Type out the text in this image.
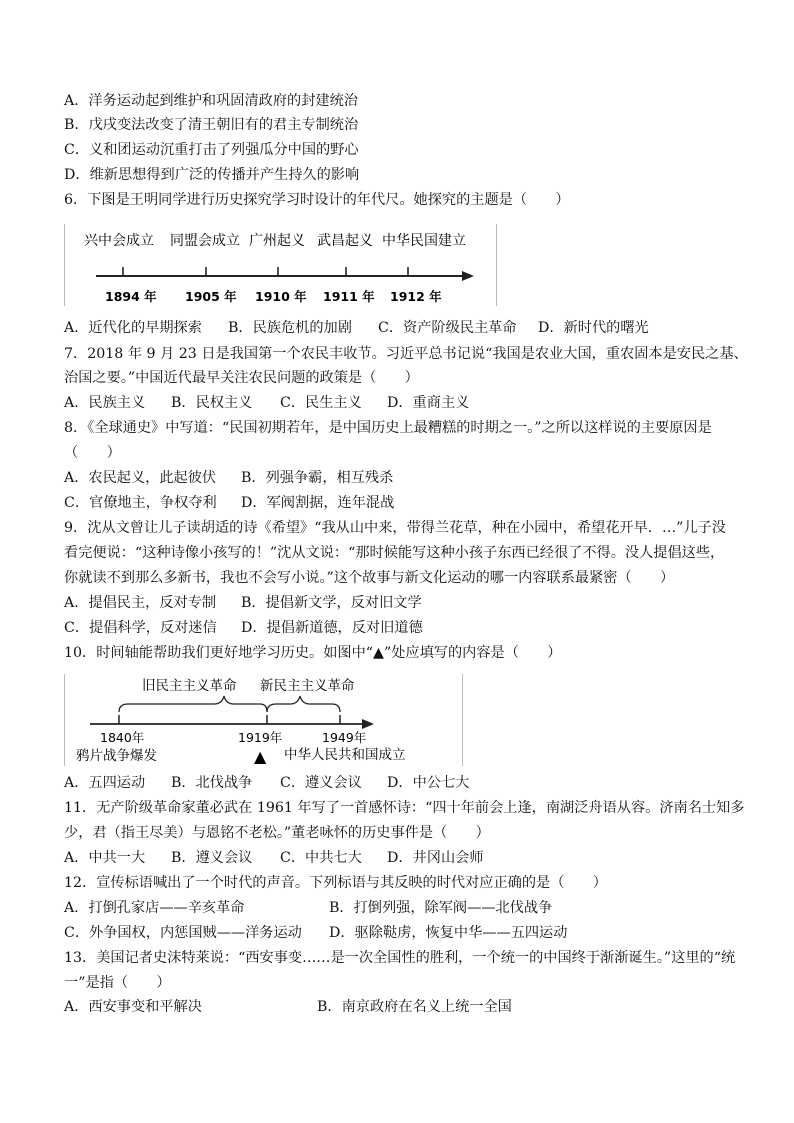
A．洋务运动起到维护和巩固清政府的封建统治
B．戊戌变法改变了清王朝旧有的君主专制统治
C．义和团运动沉重打击了列强瓜分中国的野心
D．维新思想得到广泛的传播并产生持久的影响
6．下图是王明同学进行历史探究学习时设计的年代尺。她探究的主题是（　　）
兴中会成立 同盟会成立 广州起义 武昌起义 中华民国建立
1894 年 1905 年 1910 年 1911 年 1912 年
A．近代化的早期探索 B．民族危机的加剧 C．资产阶级民主革命 D．新时代的曙光
7．2018 年 9 月 23 日是我国第一个农民丰收节。习近平总书记说“我国是农业大国，重农固本是安民之基、
治国之要。”中国近代最早关注农民问题的政策是（　　）
A．民族主义 B．民权主义 C．民生主义 D．重商主义
8．《全球通史》中写道：“民国初期若年，是中国历史上最糟糕的时期之一。”之所以这样说的主要原因是
（　　）
A．农民起义，此起彼伏 B．列强争霸，相互残杀
C．官僚地主，争权夺利 D．军阀割据，连年混战
9．沈从文曾让儿子读胡适的诗《希望》“我从山中来，带得兰花草，种在小园中，希望花开早．…”儿子没
看完便说：“这种诗像小孩写的！”沈从文说：“那时候能写这种小孩子东西已经很了不得。没人提倡这些，
你就读不到那么多新书，我也不会写小说。”这个故事与新文化运动的哪一内容联系最紧密（　　）
A．提倡民主，反对专制 B．提倡新文学，反对旧文学
C．提倡科学，反对迷信 D．提倡新道德，反对旧道德
10．时间轴能帮助我们更好地学习历史。如图中“▲”处应填写的内容是（　　）
旧民主主义革命 新民主主义革命
1840年	1919年	1949年
鸦片战争爆发	▲ 中华人民共和国成立
A．五四运动 B．北伐战争 C．遵义会议 D．中公七大
11．无产阶级革命家董必武在 1961 年写了一首感怀诗：“四十年前会上逢，南湖泛舟语从容。济南名士知多
少，君（指王尽美）与恩铭不老松。”董老咏怀的历史事件是（　　）
A．中共一大 B．遵义会议 C．中共七大 D．井冈山会师
12．宣传标语喊出了一个时代的声音。下列标语与其反映的时代对应正确的是（　　）
A．打倒孔家店——辛亥革命	B．打倒列强，除军阀——北伐战争
C．外争国权，内惩国贼——洋务运动 D．驱除鞑虏，恢复中华——五四运动
13．美国记者史沫特莱说：“西安事变……是一次全国性的胜利，一个统一的中国终于渐渐诞生。”这里的“统
一”是指（　　）
A．西安事变和平解决	B．南京政府在名义上统一全国
